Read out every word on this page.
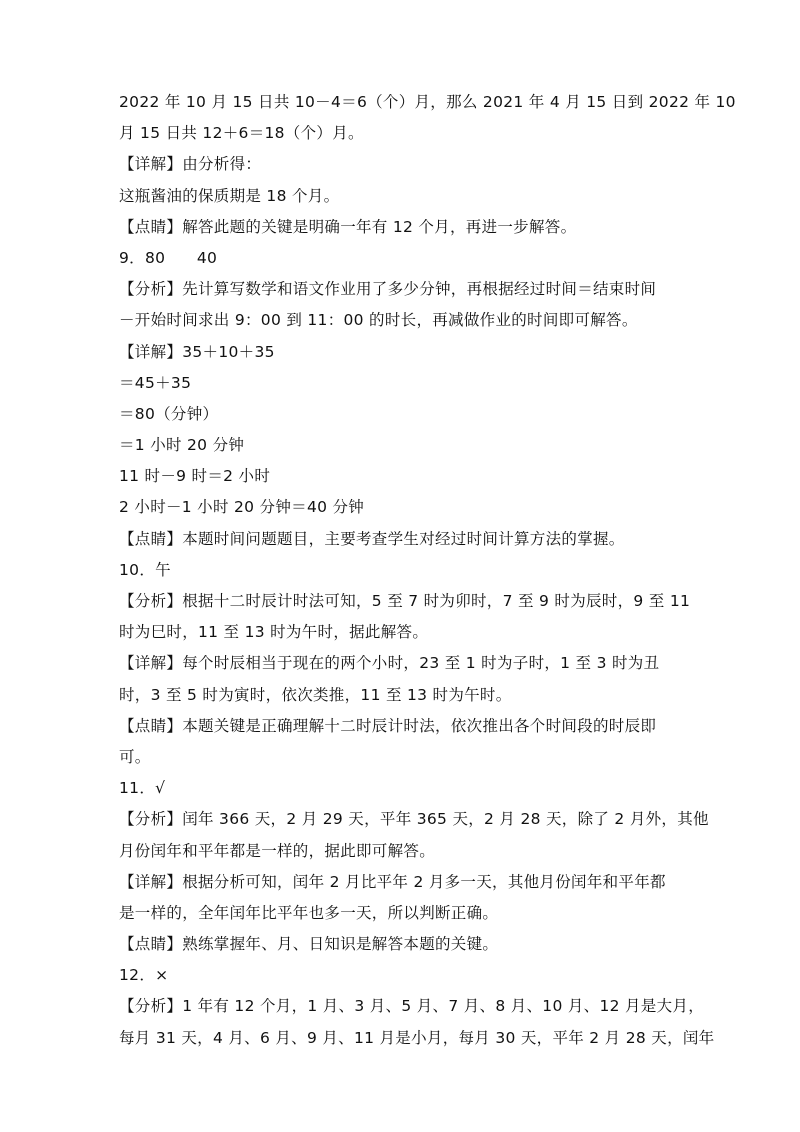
2022 年 10 月 15 日共 10－4＝6（个）月，那么 2021 年 4 月 15 日到 2022 年 10
月 15 日共 12＋6＝18（个）月。
【详解】由分析得：
这瓶酱油的保质期是 18 个月。
【点睛】解答此题的关键是明确一年有 12 个月，再进一步解答。
9．80　　40
【分析】先计算写数学和语文作业用了多少分钟，再根据经过时间＝结束时间
－开始时间求出 9：00 到 11：00 的时长，再减做作业的时间即可解答。
【详解】35＋10＋35
＝45＋35
＝80（分钟）
＝1 小时 20 分钟
11 时－9 时＝2 小时
2 小时－1 小时 20 分钟＝40 分钟
【点睛】本题时间问题题目，主要考查学生对经过时间计算方法的掌握。
10．午
【分析】根据十二时辰计时法可知，5 至 7 时为卯时，7 至 9 时为辰时，9 至 11
时为巳时，11 至 13 时为午时，据此解答。
【详解】每个时辰相当于现在的两个小时，23 至 1 时为子时，1 至 3 时为丑
时，3 至 5 时为寅时，依次类推，11 至 13 时为午时。
【点睛】本题关键是正确理解十二时辰计时法，依次推出各个时间段的时辰即
可。
11．√
【分析】闰年 366 天，2 月 29 天，平年 365 天，2 月 28 天，除了 2 月外，其他
月份闰年和平年都是一样的，据此即可解答。
【详解】根据分析可知，闰年 2 月比平年 2 月多一天，其他月份闰年和平年都
是一样的，全年闰年比平年也多一天，所以判断正确。
【点睛】熟练掌握年、月、日知识是解答本题的关键。
12．×
【分析】1 年有 12 个月，1 月、3 月、5 月、7 月、8 月、10 月、12 月是大月，
每月 31 天，4 月、6 月、9 月、11 月是小月，每月 30 天，平年 2 月 28 天，闰年
